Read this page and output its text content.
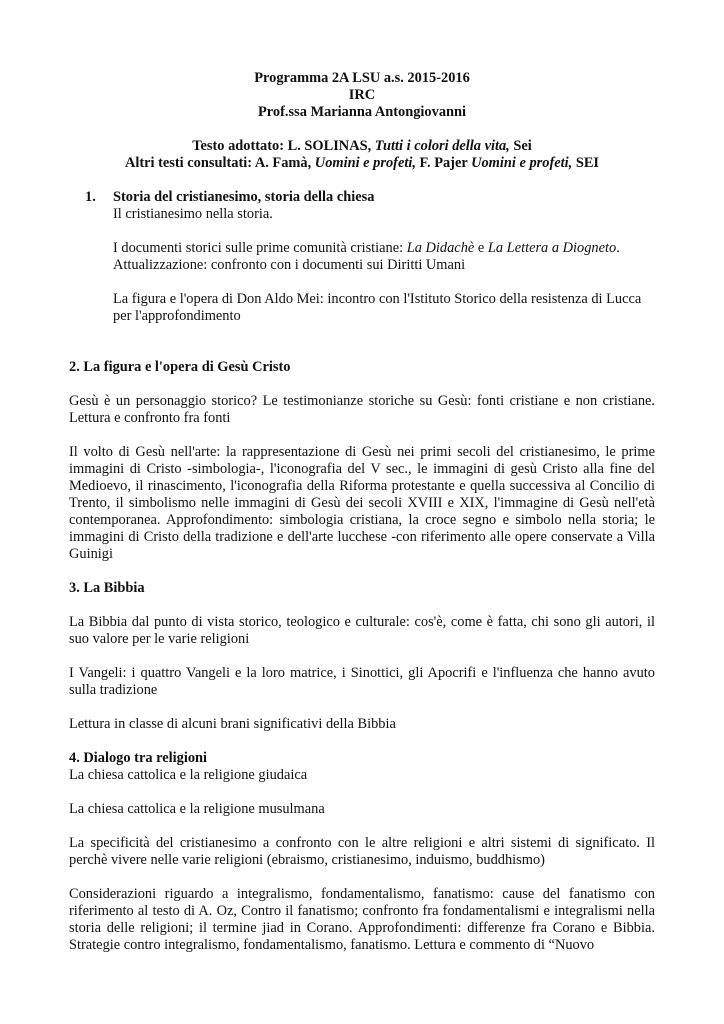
Programma 2A LSU a.s. 2015-2016
IRC
Prof.ssa Marianna Antongiovanni
Testo adottato: L. SOLINAS, Tutti i colori della vita, Sei
Altri testi consultati: A. Famà, Uomini e profeti, F. Pajer Uomini e profeti, SEI
1.	Storia del cristianesimo, storia della chiesa

Il cristianesimo nella storia.

I documenti storici sulle prime comunità cristiane: La Didachè e La Lettera a Diogneto.

Attualizzazione: confronto con i documenti sui Diritti Umani

La figura e l'opera di Don Aldo Mei: incontro con l'Istituto Storico della resistenza di Lucca per l'approfondimento

2. La figura e l'opera di Gesù Cristo

Gesù è un personaggio storico? Le testimonianze storiche su Gesù: fonti cristiane e non cristiane. Lettura e confronto fra fonti

Il volto di Gesù nell'arte: la rappresentazione di Gesù nei primi secoli del cristianesimo, le prime immagini di Cristo -simbologia-, l'iconografia del V sec., le immagini di gesù Cristo alla fine del Medioevo, il rinascimento, l'iconografia della Riforma protestante e quella successiva al Concilio di Trento, il simbolismo nelle immagini di Gesù dei secoli XVIII e XIX, l'immagine di Gesù nell'età contemporanea. Approfondimento: simbologia cristiana, la croce segno e simbolo nella storia; le immagini di Cristo della tradizione e dell'arte lucchese -con riferimento alle opere conservate a Villa Guinigi

3. La Bibbia

La Bibbia dal punto di vista storico, teologico e culturale: cos'è, come è fatta, chi sono gli autori, il suo valore per le varie religioni

I Vangeli: i quattro Vangeli e la loro matrice, i Sinottici, gli Apocrifi e l'influenza che hanno avuto sulla tradizione

Lettura in classe di alcuni brani significativi della Bibbia

4. Dialogo tra religioni

La chiesa cattolica e la religione giudaica

La chiesa cattolica e la religione musulmana

La specificità del cristianesimo a confronto con le altre religioni e altri sistemi di significato. Il perchè vivere nelle varie religioni (ebraismo, cristianesimo, induismo, buddhismo)

Considerazioni riguardo a integralismo, fondamentalismo, fanatismo: cause del fanatismo con riferimento al testo di A. Oz, Contro il fanatismo; confronto fra fondamentalismi e integralismi nella storia delle religioni; il termine jiad in Corano. Approfondimenti: differenze fra Corano e Bibbia. Strategie contro integralismo, fondamentalismo, fanatismo. Lettura e commento di “Nuovo
